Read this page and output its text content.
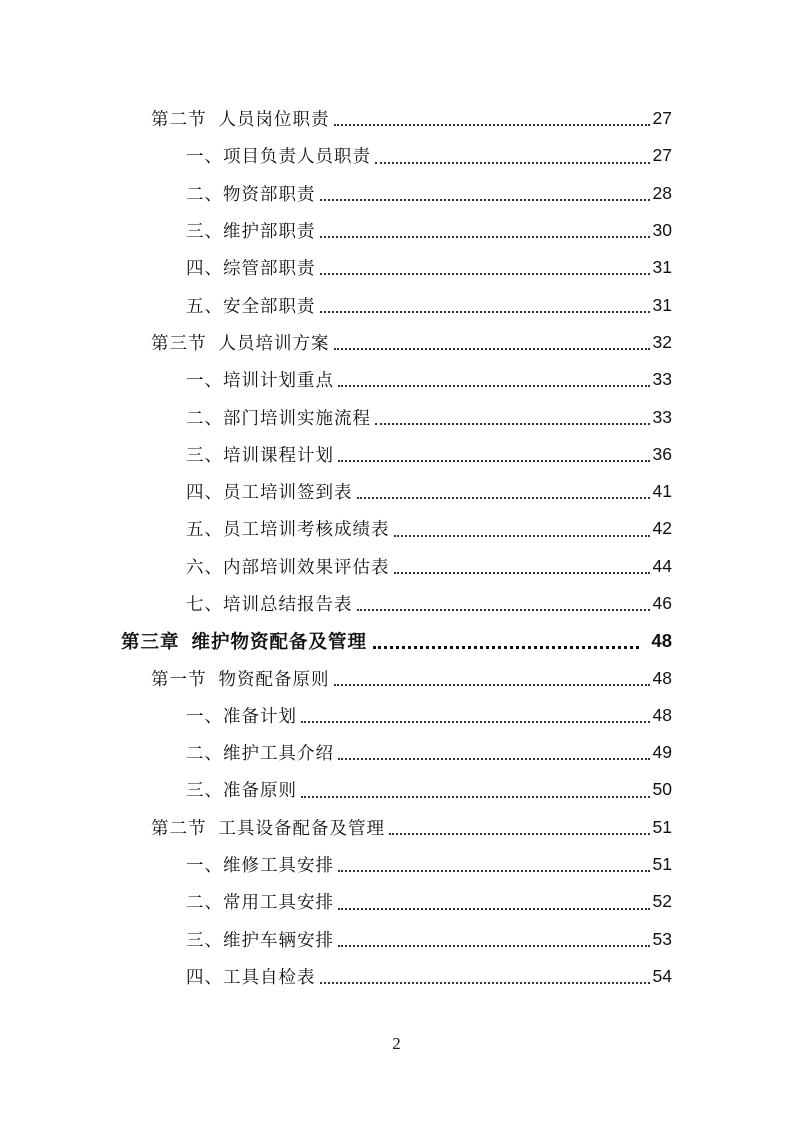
第二节 人员岗位职责	27
一、 项目负责人员职责	27
二、 物资部职责	28
三、 维护部职责	30
四、 综管部职责	31
五、 安全部职责	31
第三节 人员培训方案	32
一、 培训计划重点	33
二、 部门培训实施流程	33
三、 培训课程计划	36
四、 员工培训签到表	41
五、 员工培训考核成绩表	42
六、 内部培训效果评估表	44
七、 培训总结报告表	46
第三章 维护物资配备及管理	48
第一节 物资配备原则	48
一、 准备计划	48
二、 维护工具介绍	49
三、 准备原则	50
第二节 工具设备配备及管理	51
一、 维修工具安排	51
二、 常用工具安排	52
三、 维护车辆安排	53
四、 工具自检表	54
2
